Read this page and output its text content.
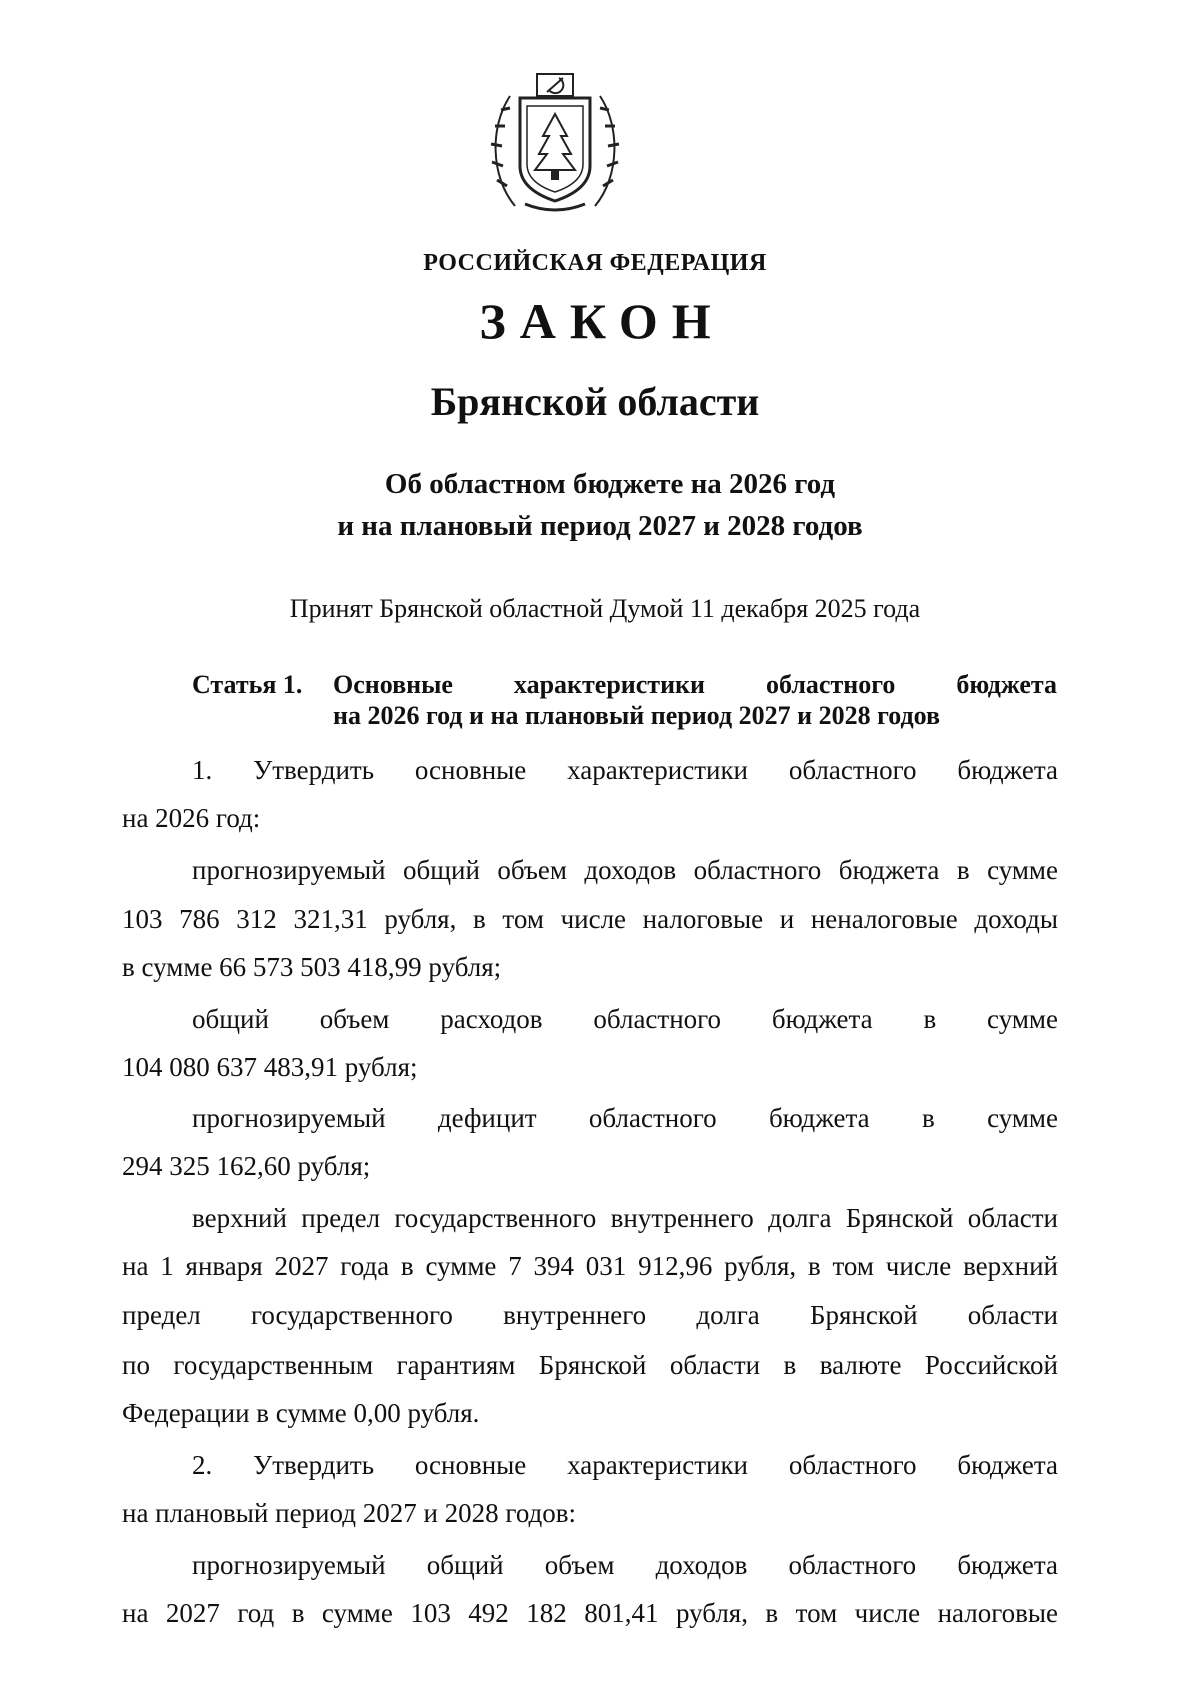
РОССИЙСКАЯ ФЕДЕРАЦИЯ
ЗАКОН
Брянской области
Об областном бюджете на 2026 год
и на плановый период 2027 и 2028 годов
Принят Брянской областной Думой 11 декабря 2025 года
Статья 1. Основные характеристики областного бюджета
на 2026 год и на плановый период 2027 и 2028 годов
1. Утвердить основные характеристики областного бюджета
на 2026 год:
прогнозируемый общий объем доходов областного бюджета в сумме
103 786 312 321,31 рубля, в том числе налоговые и неналоговые доходы
в сумме 66 573 503 418,99 рубля;
общий объем расходов областного бюджета в сумме
104 080 637 483,91 рубля;
прогнозируемый дефицит областного бюджета в сумме
294 325 162,60 рубля;
верхний предел государственного внутреннего долга Брянской области
на 1 января 2027 года в сумме 7 394 031 912,96 рубля, в том числе верхний
предел государственного внутреннего долга Брянской области
по государственным гарантиям Брянской области в валюте Российской
Федерации в сумме 0,00 рубля.
2. Утвердить основные характеристики областного бюджета
на плановый период 2027 и 2028 годов:
прогнозируемый общий объем доходов областного бюджета
на 2027 год в сумме 103 492 182 801,41 рубля, в том числе налоговые
